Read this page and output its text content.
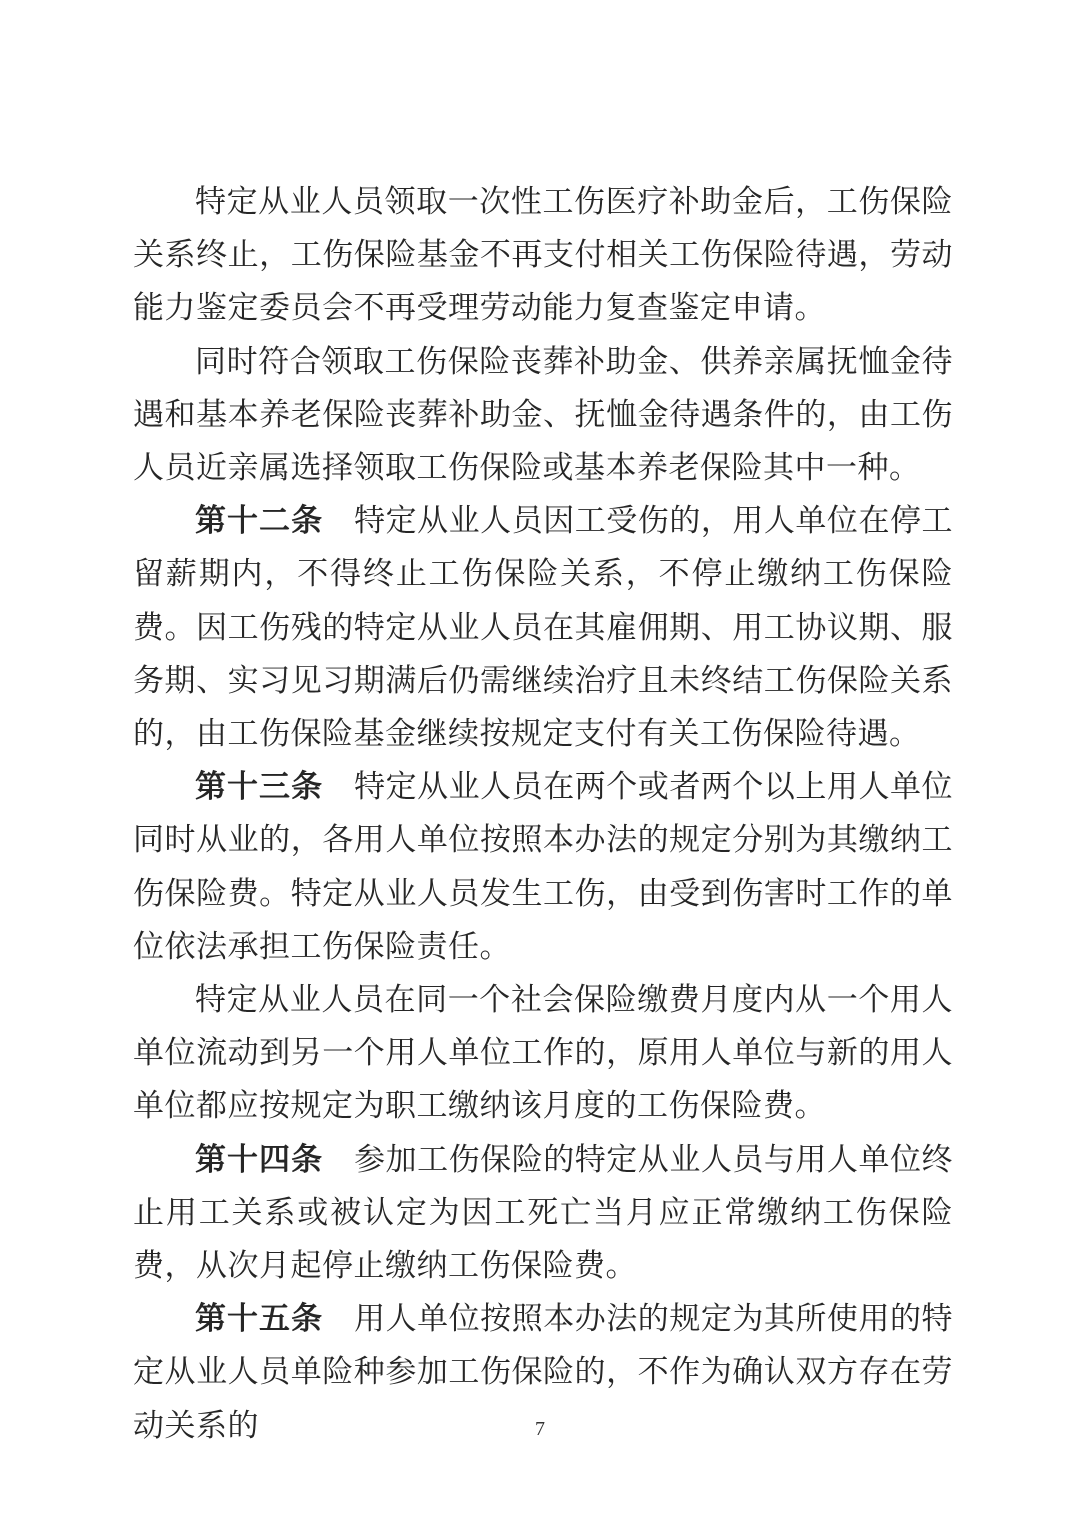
特定从业人员领取一次性工伤医疗补助金后，工伤保险关系终止，工伤保险基金不再支付相关工伤保险待遇，劳动能力鉴定委员会不再受理劳动能力复查鉴定申请。

同时符合领取工伤保险丧葬补助金、供养亲属抚恤金待遇和基本养老保险丧葬补助金、抚恤金待遇条件的，由工伤人员近亲属选择领取工伤保险或基本养老保险其中一种。

第十二条 特定从业人员因工受伤的，用人单位在停工留薪期内，不得终止工伤保险关系，不停止缴纳工伤保险费。因工伤残的特定从业人员在其雇佣期、用工协议期、服务期、实习见习期满后仍需继续治疗且未终结工伤保险关系的，由工伤保险基金继续按规定支付有关工伤保险待遇。

第十三条 特定从业人员在两个或者两个以上用人单位同时从业的，各用人单位按照本办法的规定分别为其缴纳工伤保险费。特定从业人员发生工伤，由受到伤害时工作的单位依法承担工伤保险责任。

特定从业人员在同一个社会保险缴费月度内从一个用人单位流动到另一个用人单位工作的，原用人单位与新的用人单位都应按规定为职工缴纳该月度的工伤保险费。

第十四条 参加工伤保险的特定从业人员与用人单位终止用工关系或被认定为因工死亡当月应正常缴纳工伤保险费，从次月起停止缴纳工伤保险费。

第十五条 用人单位按照本办法的规定为其所使用的特定从业人员单险种参加工伤保险的，不作为确认双方存在劳动关系的	7
